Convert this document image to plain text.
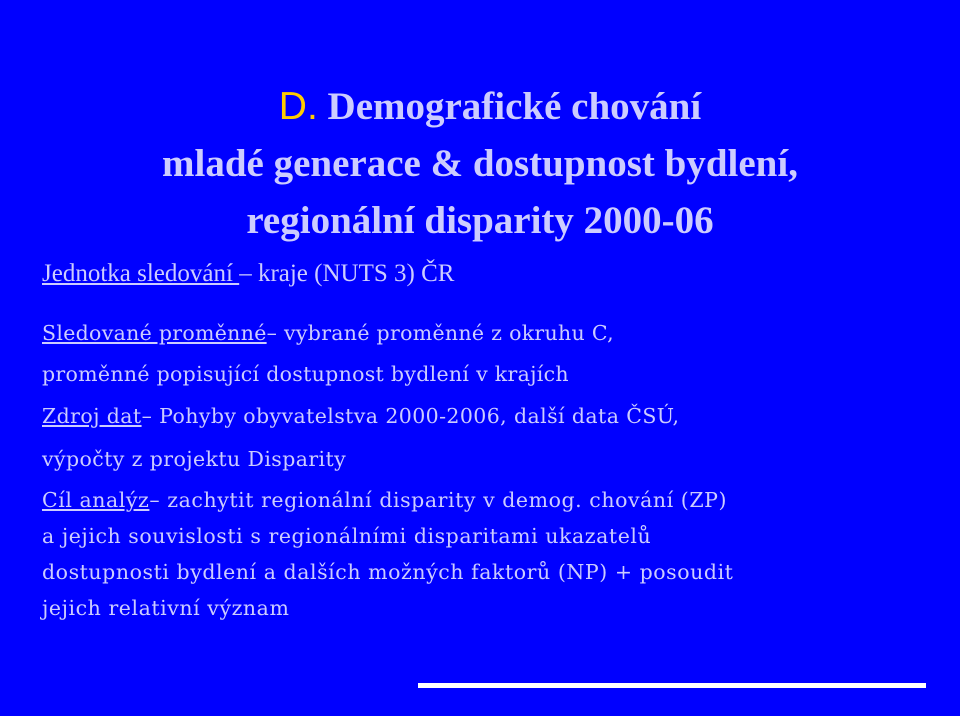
D. Demografické chování
mladé generace & dostupnost bydlení,
regionální disparity 2000-06
Jednotka sledování – kraje (NUTS 3) ČR
Sledované proměnné– vybrané proměnné z okruhu C,
proměnné popisující dostupnost bydlení v krajích
Zdroj dat– Pohyby obyvatelstva 2000-2006, další data ČSÚ,
výpočty z projektu Disparity
Cíl analýz– zachytit regionální disparity v demog. chování (ZP)
a jejich souvislosti s regionálními disparitami ukazatelů
dostupnosti bydlení a dalších možných faktorů (NP) + posoudit
jejich relativní význam
